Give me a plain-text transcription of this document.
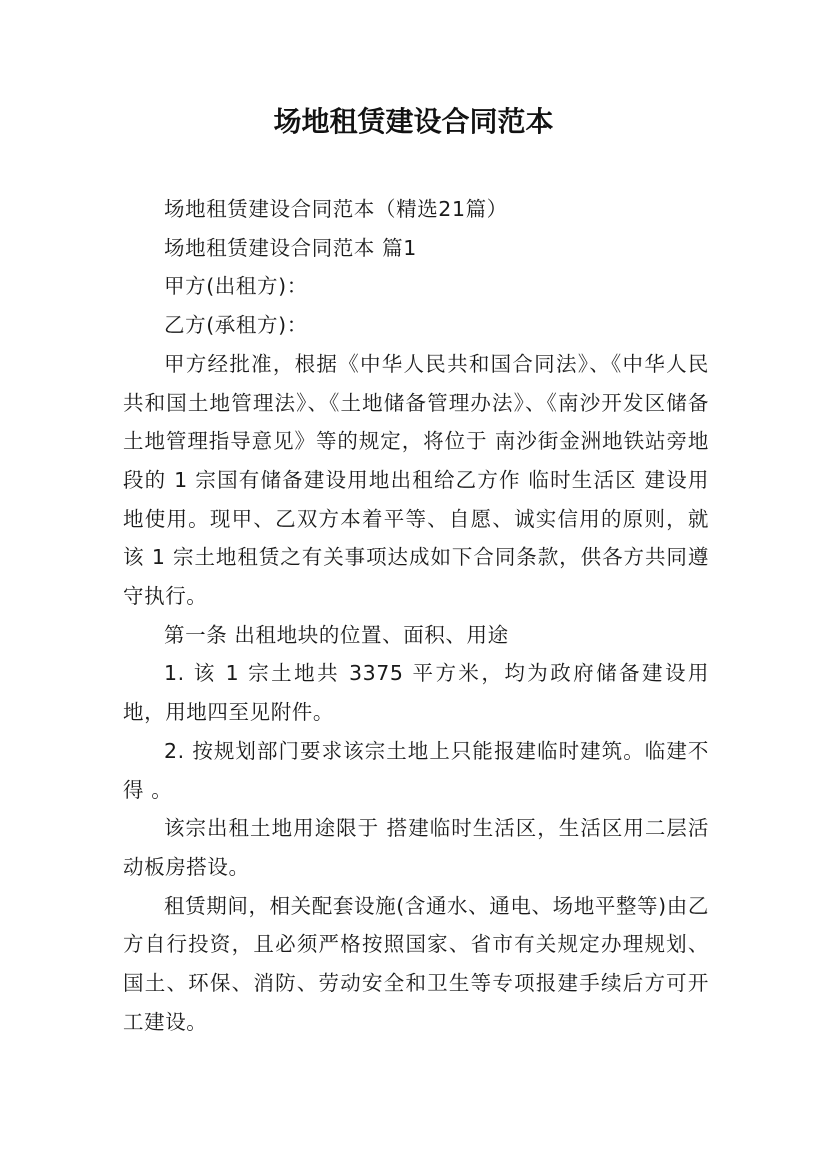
场地租赁建设合同范本

场地租赁建设合同范本（精选21篇）

场地租赁建设合同范本 篇1

甲方(出租方)：

乙方(承租方)：

甲方经批准，根据《中华人民共和国合同法》、《中华人民共和国土地管理法》、《土地储备管理办法》、《南沙开发区储备土地管理指导意见》等的规定，将位于 南沙街金洲地铁站旁地段的 1 宗国有储备建设用地出租给乙方作 临时生活区 建设用地使用。现甲、乙双方本着平等、自愿、诚实信用的原则，就该 1 宗土地租赁之有关事项达成如下合同条款，供各方共同遵守执行。

第一条 出租地块的位置、面积、用途

1. 该 1 宗土地共 3375 平方米，均为政府储备建设用地，用地四至见附件。

2. 按规划部门要求该宗土地上只能报建临时建筑。临建不得 。

该宗出租土地用途限于 搭建临时生活区，生活区用二层活动板房搭设。

租赁期间，相关配套设施(含通水、通电、场地平整等)由乙方自行投资，且必须严格按照国家、省市有关规定办理规划、国土、环保、消防、劳动安全和卫生等专项报建手续后方可开工建设。
